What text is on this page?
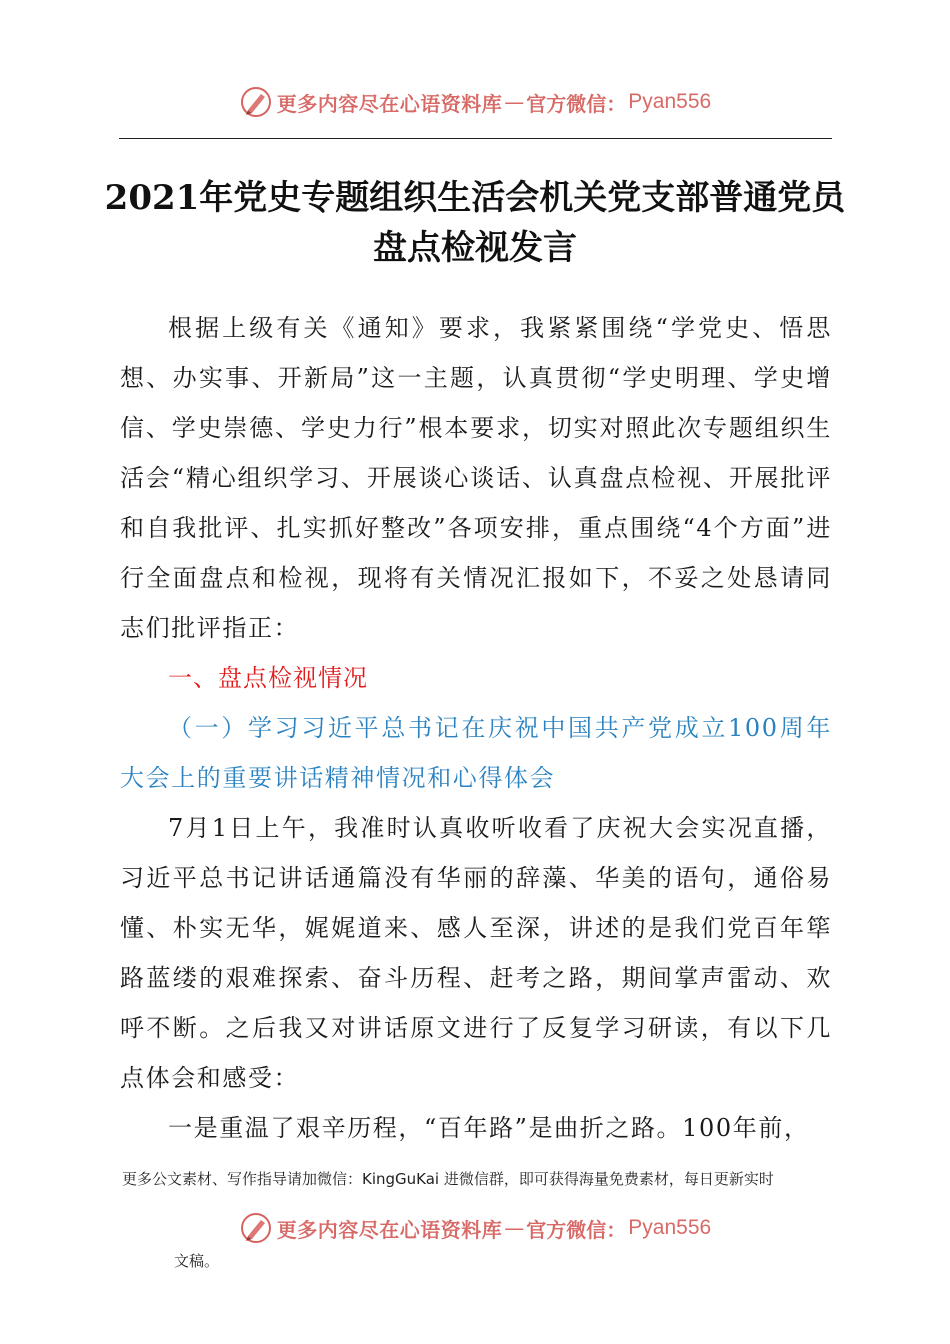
更多内容尽在心语资料库 — 官方微信： Pyan556
2021年党史专题组织生活会机关党支部普通党员盘点检视发言

根据上级有关《通知》要求，我紧紧围绕“学党史、悟思想、办实事、开新局”这一主题，认真贯彻“学史明理、学史增信、学史崇德、学史力行”根本要求，切实对照此次专题组织生活会“精心组织学习、开展谈心谈话、认真盘点检视、开展批评和自我批评、扎实抓好整改”各项安排，重点围绕“4个方面”进行全面盘点和检视，现将有关情况汇报如下，不妥之处恳请同志们批评指正：

一、盘点检视情况

（一）学习习近平总书记在庆祝中国共产党成立100周年大会上的重要讲话精神情况和心得体会

7月1日上午，我准时认真收听收看了庆祝大会实况直播，习近平总书记讲话通篇没有华丽的辞藻、华美的语句，通俗易懂、朴实无华，娓娓道来、感人至深，讲述的是我们党百年筚路蓝缕的艰难探索、奋斗历程、赶考之路，期间掌声雷动、欢呼不断。之后我又对讲话原文进行了反复学习研读，有以下几点体会和感受：

一是重温了艰辛历程，“百年路”是曲折之路。100年前，

更多公文素材、写作指导请加微信：KingGuKai 进微信群，即可获得海量免费素材，每日更新实时
更多内容尽在心语资料库 — 官方微信： Pyan556
文稿。
